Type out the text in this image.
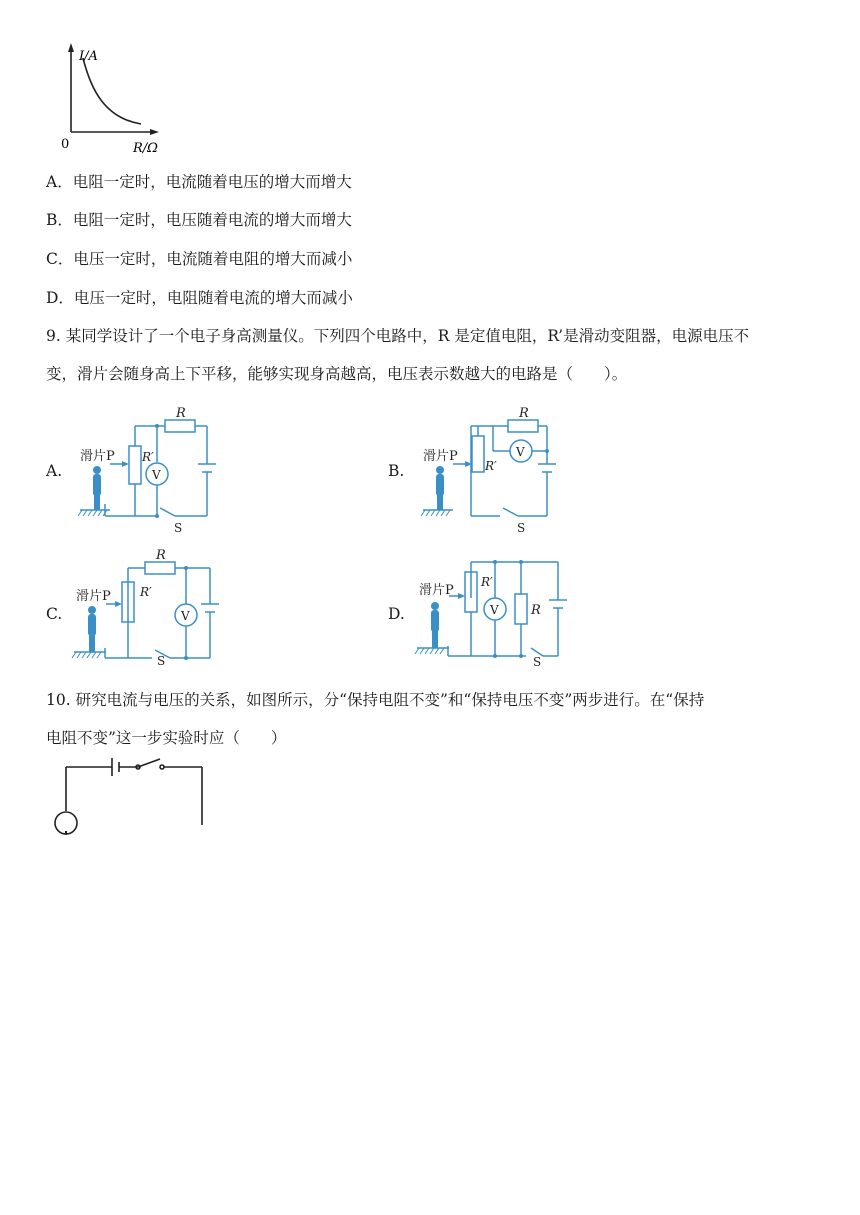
I/A
0	R/Ω
A．电阻一定时，电流随着电压的增大而增大
B．电阻一定时，电压随着电流的增大而增大
C．电压一定时，电流随着电阻的增大而减小
D．电压一定时，电阻随着电流的增大而减小
9. 某同学设计了一个电子身高测量仪。下列四个电路中，R 是定值电阻，R’是滑动变阻器，电源电压不
变，滑片会随身高上下平移，能够实现身高越高，电压表示数越大的电路是（　　）。
A.	B.
C.	D.
滑片P
R
R′
V
S
滑片P
R
R′
V
S
滑片P
R
R′
V
S
滑片P
R′
V R
S
10. 研究电流与电压的关系，如图所示，分“保持电阻不变”和“保持电压不变”两步进行。在“保持
电阻不变”这一步实验时应（　　）
